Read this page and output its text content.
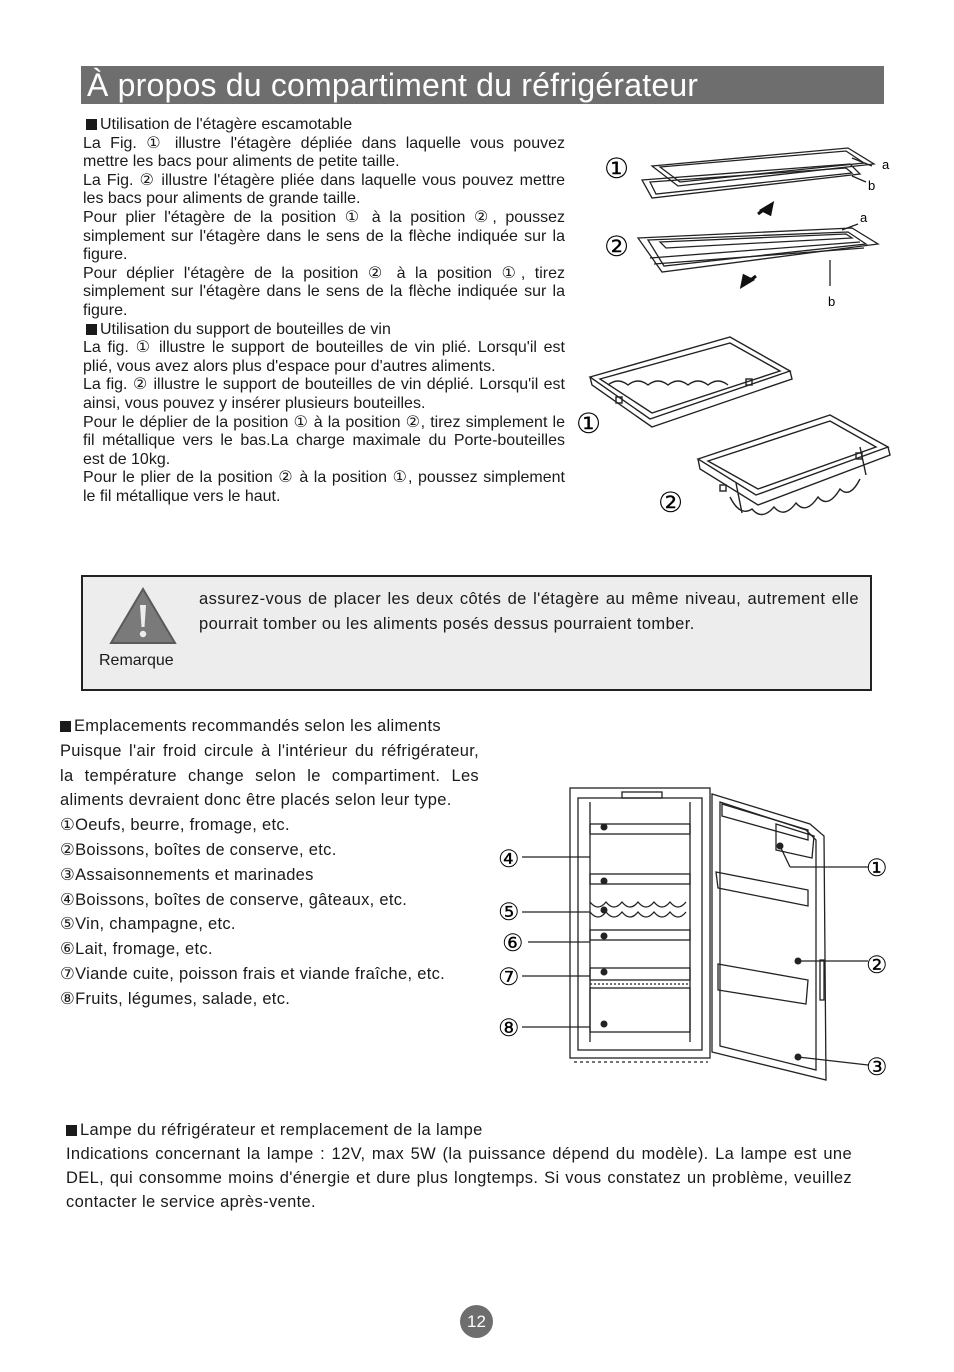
À propos du compartiment du réfrigérateur

Utilisation de l'étagère escamotable

La Fig. ① illustre l'étagère dépliée dans laquelle vous pouvez mettre les bacs pour aliments de petite taille.

La Fig. ② illustre l'étagère pliée dans laquelle vous pouvez mettre les bacs pour aliments de grande taille.

Pour plier l'étagère de la position ① à la position ②, poussez simplement sur l'étagère dans le sens de la flèche indiquée sur la figure.

Pour déplier l'étagère de la position ② à la position ①, tirez simplement sur l'étagère dans le sens de la flèche indiquée sur la figure.

Utilisation du support de bouteilles de vin

La fig. ① illustre le support de bouteilles de vin plié. Lorsqu'il est plié, vous avez alors plus d'espace pour d'autres aliments.

La fig. ② illustre le support de bouteilles de vin déplié. Lorsqu'il est ainsi, vous pouvez y insérer plusieurs bouteilles.

Pour le déplier de la position ① à la position ②, tirez simplement le fil métallique vers le bas.La charge maximale du Porte-bouteilles est de 10kg.

Pour le plier de la position ② à la position ①, poussez simplement le fil métallique vers le haut.

①
②
a
b
a
b
①
②
assurez-vous de placer les deux côtés de l'étagère au même niveau, autrement elle pourrait tomber ou les aliments posés dessus pourraient tomber.
Remarque

Emplacements recommandés selon les aliments

Puisque l'air froid circule à l'intérieur du réfrigérateur, la température change selon le compartiment. Les aliments devraient donc être placés selon leur type.

①Oeufs, beurre, fromage, etc.

②Boissons, boîtes de conserve, etc.

③Assaisonnements et marinades

④Boissons, boîtes de conserve, gâteaux, etc.

⑤Vin, champagne, etc.

⑥Lait, fromage, etc.

⑦Viande cuite, poisson frais et viande fraîche, etc.

⑧Fruits, légumes, salade, etc.

④
⑤
⑥
⑦
⑧
①
②
③

Lampe du réfrigérateur et remplacement de la lampe

Indications concernant la lampe : 12V, max 5W (la puissance dépend du modèle). La lampe est une DEL, qui consomme moins d'énergie et dure plus longtemps. Si vous constatez un problème, veuillez contacter le service après-vente.

12
